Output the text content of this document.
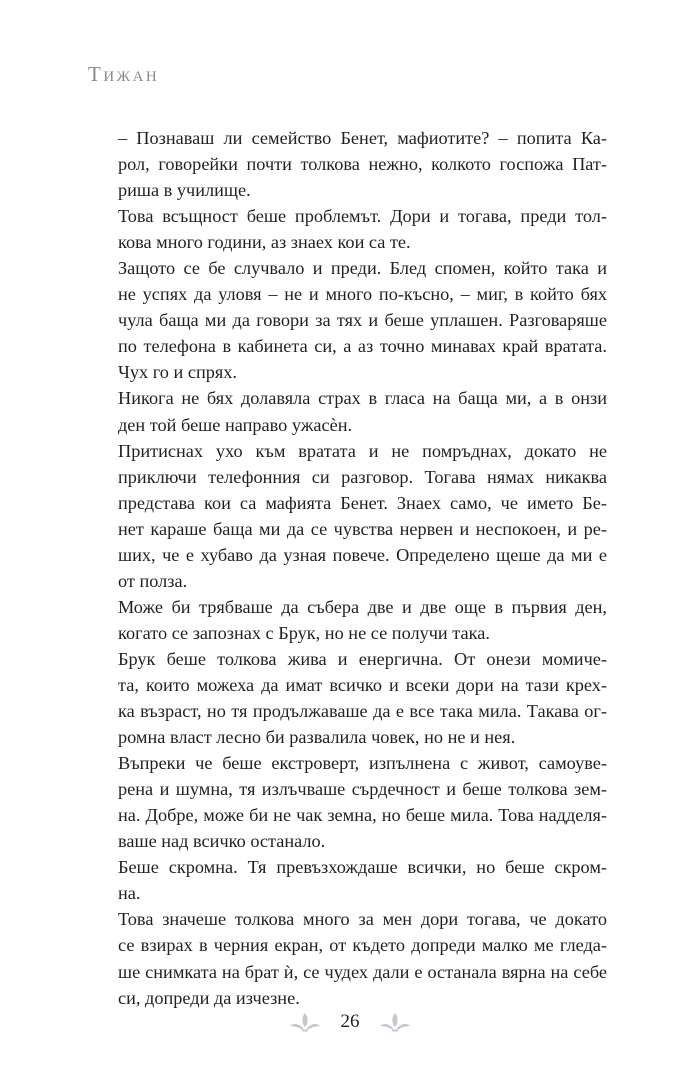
Тижан

– Познаваш ли семейство Бенет, мафиотите? – попита Ка-
рол, говорейки почти толкова нежно, колкото госпожа Пат-
риша в училище.

Това всъщност беше проблемът. Дори и тогава, преди тол-
кова много години, аз знаех кои са те.

Защото се бе случвало и преди. Блед спомен, който така и
не успях да уловя – не и много по-късно, – миг, в който бях
чула баща ми да говори за тях и беше уплашен. Разговаряше
по телефона в кабинета си, а аз точно минавах край вратата.
Чух го и спрях.

Никога не бях долавяла страх в гласа на баща ми, а в онзи
ден той беше направо ужасѐн.

Притиснах ухо към вратата и не помръднах, докато не
приключи телефонния си разговор. Тогава нямах никаква
представа кои са мафията Бенет. Знаех само, че името Бе-
нет караше баща ми да се чувства нервен и неспокоен, и ре-
ших, че е хубаво да узная повече. Определено щеше да ми е
от полза.

Може би трябваше да събера две и две още в първия ден,
когато се запознах с Брук, но не се получи така.

Брук беше толкова жива и енергична. От онези момиче-
та, които можеха да имат всичко и всеки дори на тази крех-
ка възраст, но тя продължаваше да е все така мила. Такава ог-
ромна власт лесно би развалила човек, но не и нея.

Въпреки че беше екстроверт, изпълнена с живот, самоуве-
рена и шумна, тя излъчваше сърдечност и беше толкова зем-
на. Добре, може би не чак земна, но беше мила. Това надделя-
ваше над всичко останало.

Беше скромна. Тя превъзхождаше всички, но беше скром-
на.

Това значеше толкова много за мен дори тогава, че докато
се взирах в черния екран, от където допреди малко ме гледа-
ше снимката на брат ѝ, се чудех дали е останала вярна на себе
си, допреди да изчезне.

26
